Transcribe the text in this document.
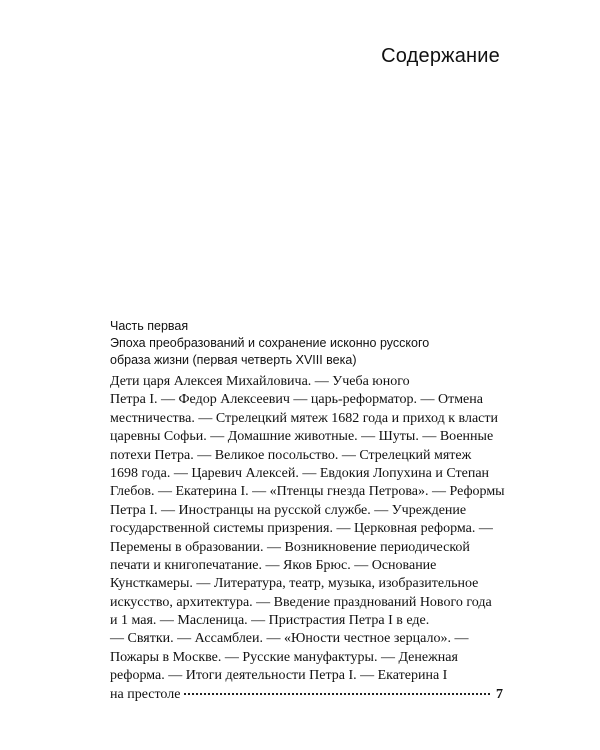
Содержание
Часть первая
Эпоха преобразований и сохранение исконно русского
образа жизни (первая четверть XVIII века)
Дети царя Алексея Михайловича. — Учеба юного
Петра I. — Федор Алексеевич — царь-реформатор. — Отмена
местничества. — Стрелецкий мятеж 1682 года и приход к власти
царевны Софьи. — Домашние животные. — Шуты. — Военные
потехи Петра. — Великое посольство. — Стрелецкий мятеж
1698 года. — Царевич Алексей. — Евдокия Лопухина и Степан
Глебов. — Екатерина I. — «Птенцы гнезда Петрова». — Реформы
Петра I. — Иностранцы на русской службе. — Учреждение
государственной системы призрения. — Церковная реформа. —
Перемены в образовании. — Возникновение периодической
печати и книгопечатание. — Яков Брюс. — Основание
Кунсткамеры. — Литература, театр, музыка, изобразительное
искусство, архитектура. — Введение празднований Нового года
и 1 мая. — Масленица. — Пристрастия Петра I в еде.
— Святки. — Ассамблеи. — «Юности честное зерцало». —
Пожары в Москве. — Русские мануфактуры. — Денежная
реформа. — Итоги деятельности Петра I. — Екатерина I
на престоле	7
